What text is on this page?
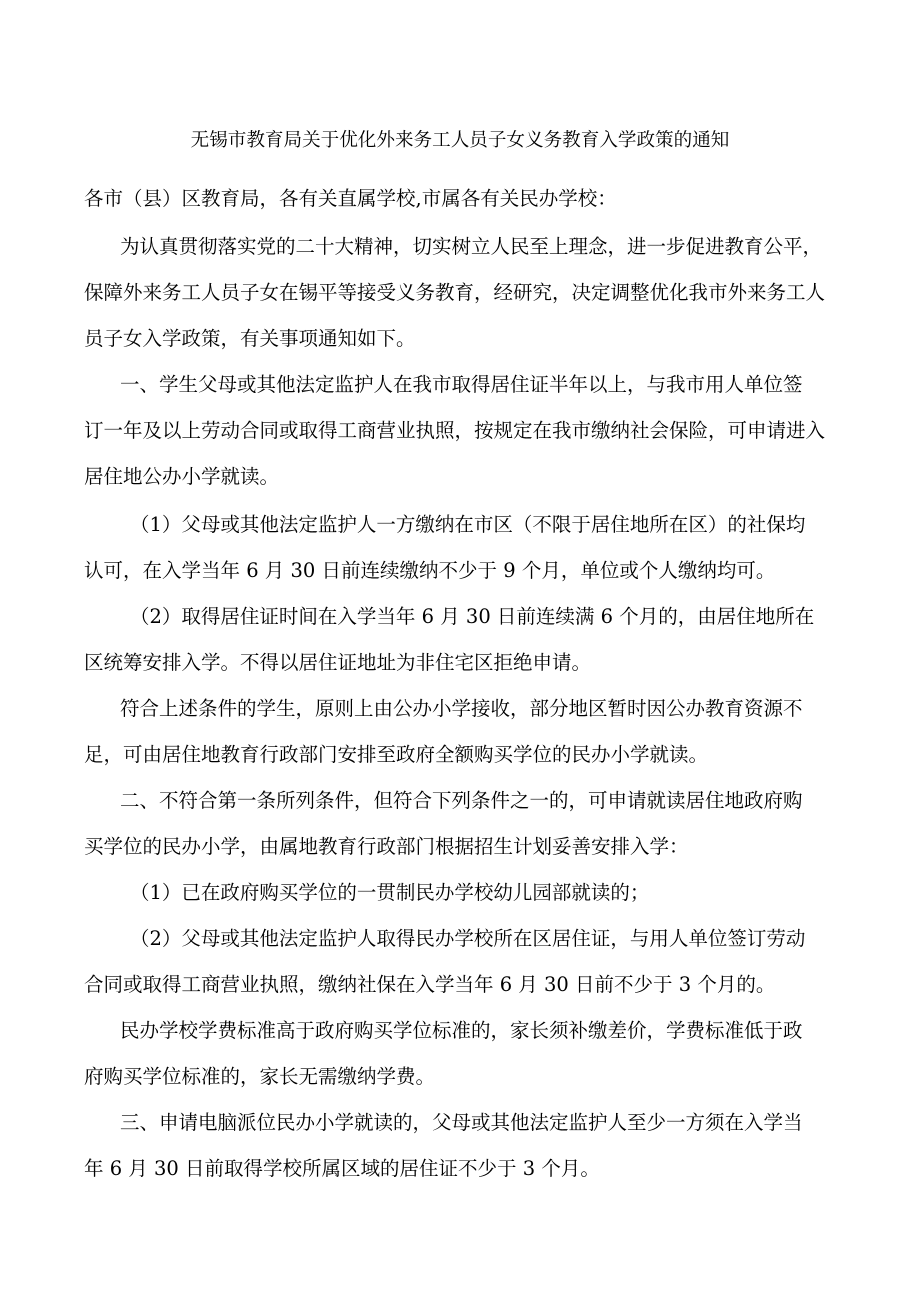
无锡市教育局关于优化外来务工人员子女义务教育入学政策的通知
各市（县）区教育局，各有关直属学校,市属各有关民办学校：
为认真贯彻落实党的二十大精神，切实树立人民至上理念，进一步促进教育公平，
保障外来务工人员子女在锡平等接受义务教育，经研究，决定调整优化我市外来务工人
员子女入学政策，有关事项通知如下。
一、学生父母或其他法定监护人在我市取得居住证半年以上，与我市用人单位签
订一年及以上劳动合同或取得工商营业执照，按规定在我市缴纳社会保险，可申请进入
居住地公办小学就读。
（1）父母或其他法定监护人一方缴纳在市区（不限于居住地所在区）的社保均
认可，在入学当年 6 月 30 日前连续缴纳不少于 9 个月，单位或个人缴纳均可。
（2）取得居住证时间在入学当年 6 月 30 日前连续满 6 个月的，由居住地所在
区统筹安排入学。不得以居住证地址为非住宅区拒绝申请。
符合上述条件的学生，原则上由公办小学接收，部分地区暂时因公办教育资源不
足，可由居住地教育行政部门安排至政府全额购买学位的民办小学就读。
二、不符合第一条所列条件，但符合下列条件之一的，可申请就读居住地政府购
买学位的民办小学，由属地教育行政部门根据招生计划妥善安排入学：
（1）已在政府购买学位的一贯制民办学校幼儿园部就读的；
（2）父母或其他法定监护人取得民办学校所在区居住证，与用人单位签订劳动
合同或取得工商营业执照，缴纳社保在入学当年 6 月 30 日前不少于 3 个月的。
民办学校学费标准高于政府购买学位标准的，家长须补缴差价，学费标准低于政
府购买学位标准的，家长无需缴纳学费。
三、申请电脑派位民办小学就读的，父母或其他法定监护人至少一方须在入学当
年 6 月 30 日前取得学校所属区域的居住证不少于 3 个月。
